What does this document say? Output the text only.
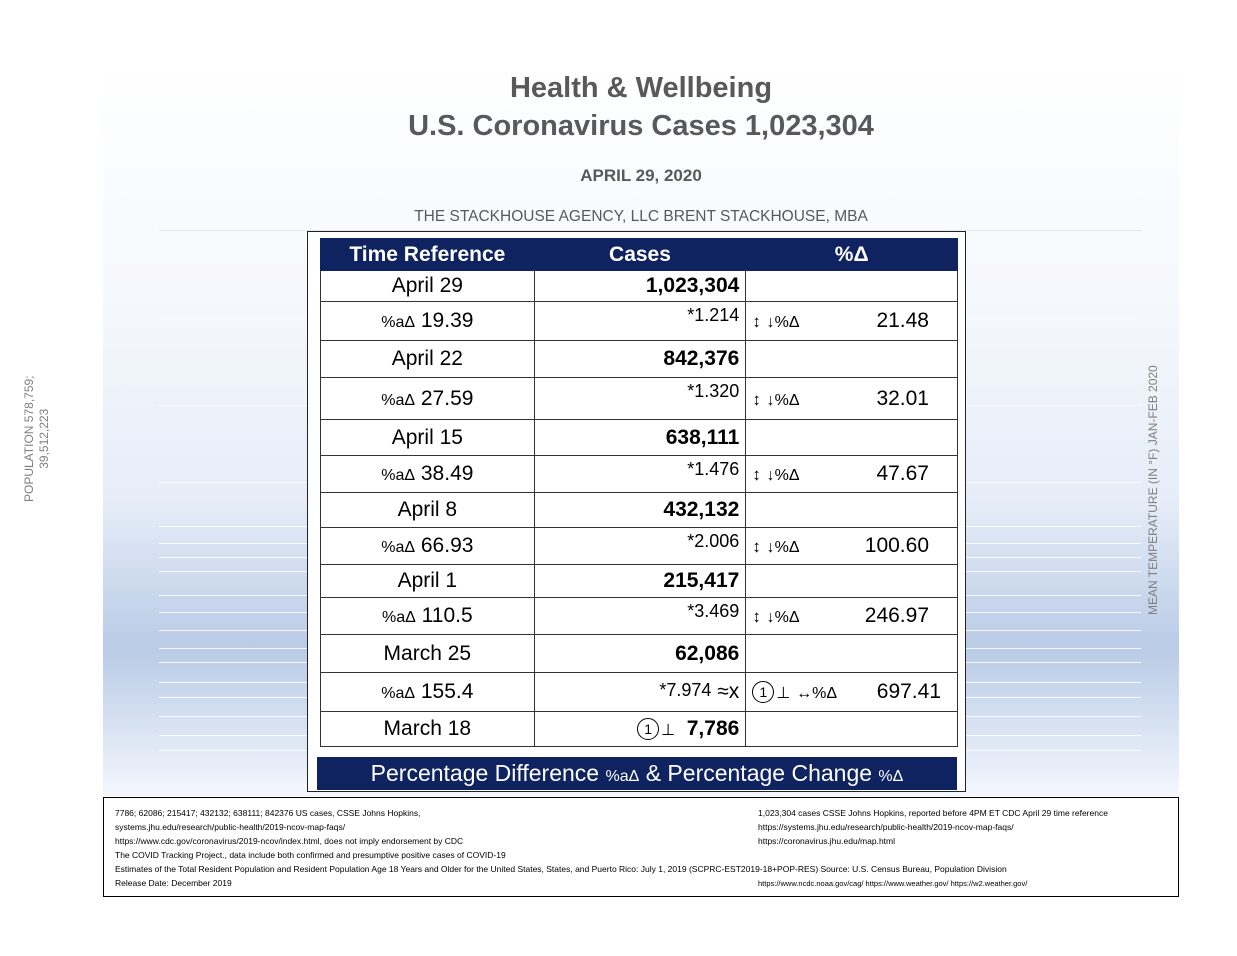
Health & Wellbeing
U.S. Coronavirus Cases 1,023,304
APRIL 29, 2020
THE STACKHOUSE AGENCY, LLC BRENT STACKHOUSE, MBA
POPULATION 578,759; 39,512,223	MEAN TEMPERATURE (IN °F) JAN-FEB 2020
Time Reference	Cases	%Δ
April 29	1,023,304	
%aΔ 19.39	*1.214	↕ ↓%Δ 21.48

April 22	842,376	
%aΔ 27.59	*1.320	↕ ↓%Δ 32.01

April 15	638,111	
%aΔ 38.49	*1.476	↕ ↓%Δ 47.67

April 8	432,132	
%aΔ 66.93	*2.006	↕ ↓%Δ 100.60

April 1	215,417	
%aΔ 110.5	*3.469	↕ ↓%Δ 246.97

March 25	62,086	
%aΔ 155.4	*7.974 ≈x	1 ⊥ ↔%Δ 697.41

March 18	1 ⊥ 7,786	
Percentage Difference %aΔ & Percentage Change %Δ
7786; 62086; 215417; 432132; 638111; 842376 US cases, CSSE Johns Hopkins,
systems.jhu.edu/research/public-health/2019-ncov-map-faqs/
https://www.cdc.gov/coronavirus/2019-ncov/index.html, does not imply endorsement by CDC
The COVID Tracking Project., data include both confirmed and presumptive positive cases of COVID-19
Estimates of the Total Resident Population and Resident Population Age 18 Years and Older for the United States, States, and Puerto Rico: July 1, 2019 (SCPRC-EST2019-18+POP-RES) Source: U.S. Census Bureau, Population Division
Release Date: December 2019
1,023,304 cases CSSE Johns Hopkins, reported before 4PM ET CDC April 29 time reference
https://systems.jhu.edu/research/public-health/2019-ncov-map-faqs/
https://coronavirus.jhu.edu/map.html
https://www.ncdc.noaa.gov/cag/ https://www.weather.gov/ https://w2.weather.gov/
